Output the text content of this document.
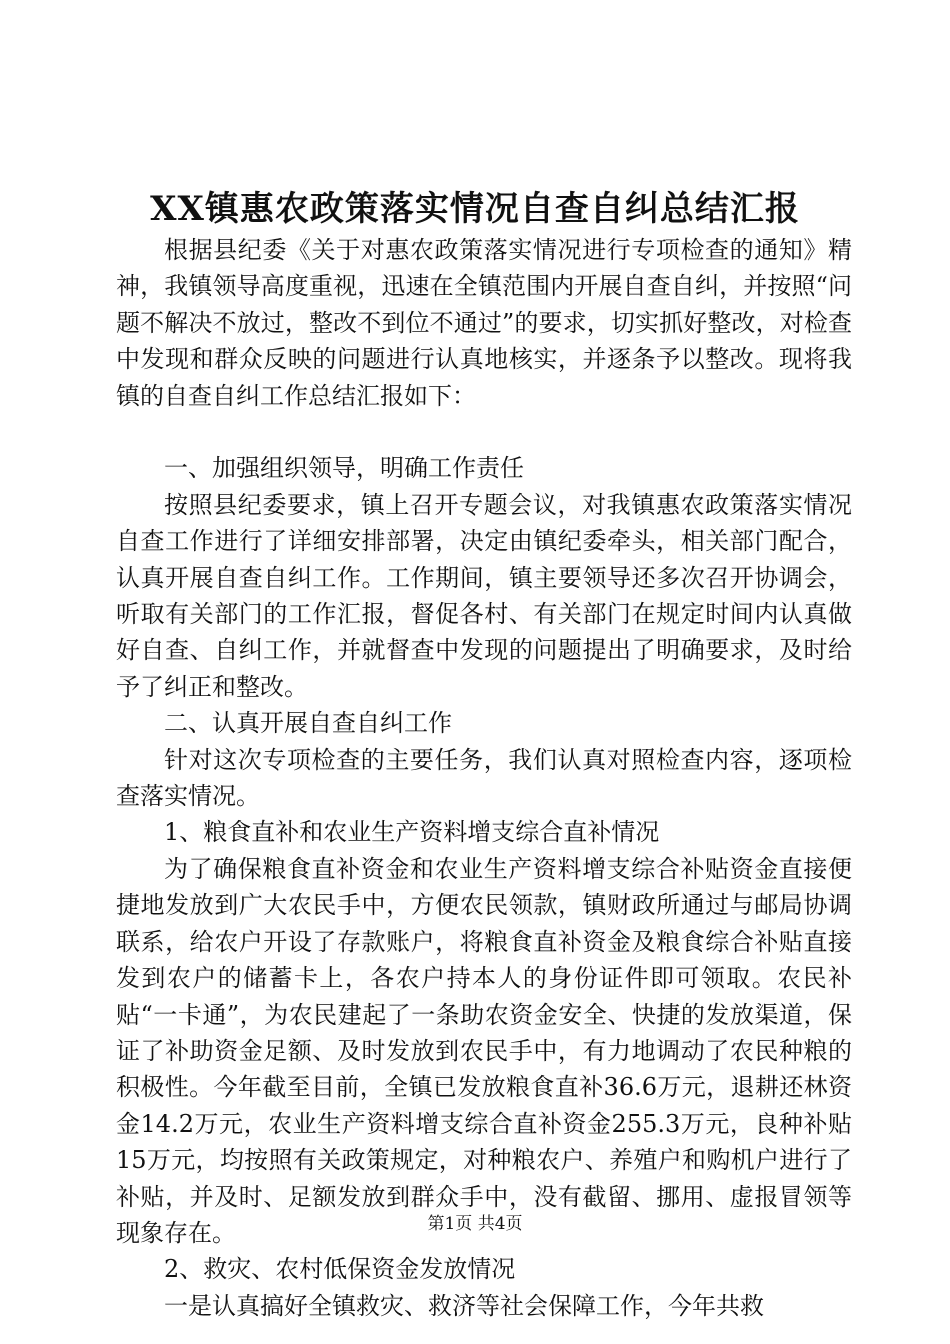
XX镇惠农政策落实情况自查自纠总结汇报

根据县纪委《关于对惠农政策落实情况进行专项检查的通知》精神，我镇领导高度重视，迅速在全镇范围内开展自查自纠，并按照“问题不解决不放过，整改不到位不通过”的要求，切实抓好整改，对检查中发现和群众反映的问题进行认真地核实，并逐条予以整改。现将我镇的自查自纠工作总结汇报如下：

一、加强组织领导，明确工作责任

按照县纪委要求，镇上召开专题会议，对我镇惠农政策落实情况自查工作进行了详细安排部署，决定由镇纪委牵头，相关部门配合，认真开展自查自纠工作。工作期间，镇主要领导还多次召开协调会，听取有关部门的工作汇报，督促各村、有关部门在规定时间内认真做好自查、自纠工作，并就督查中发现的问题提出了明确要求，及时给予了纠正和整改。

二、认真开展自查自纠工作

针对这次专项检查的主要任务，我们认真对照检查内容，逐项检查落实情况。

1、粮食直补和农业生产资料增支综合直补情况

为了确保粮食直补资金和农业生产资料增支综合补贴资金直接便捷地发放到广大农民手中，方便农民领款，镇财政所通过与邮局协调联系，给农户开设了存款账户，将粮食直补资金及粮食综合补贴直接发到农户的储蓄卡上，各农户持本人的身份证件即可领取。农民补贴“一卡通”，为农民建起了一条助农资金安全、快捷的发放渠道，保证了补助资金足额、及时发放到农民手中，有力地调动了农民种粮的积极性。今年截至目前，全镇已发放粮食直补36.6万元，退耕还林资金14.2万元，农业生产资料增支综合直补资金255.3万元，良种补贴15万元，均按照有关政策规定，对种粮农户、养殖户和购机户进行了补贴，并及时、足额发放到群众手中，没有截留、挪用、虚报冒领等现象存在。

2、救灾、农村低保资金发放情况

一是认真搞好全镇救灾、救济等社会保障工作，今年共救

第1页 共4页
